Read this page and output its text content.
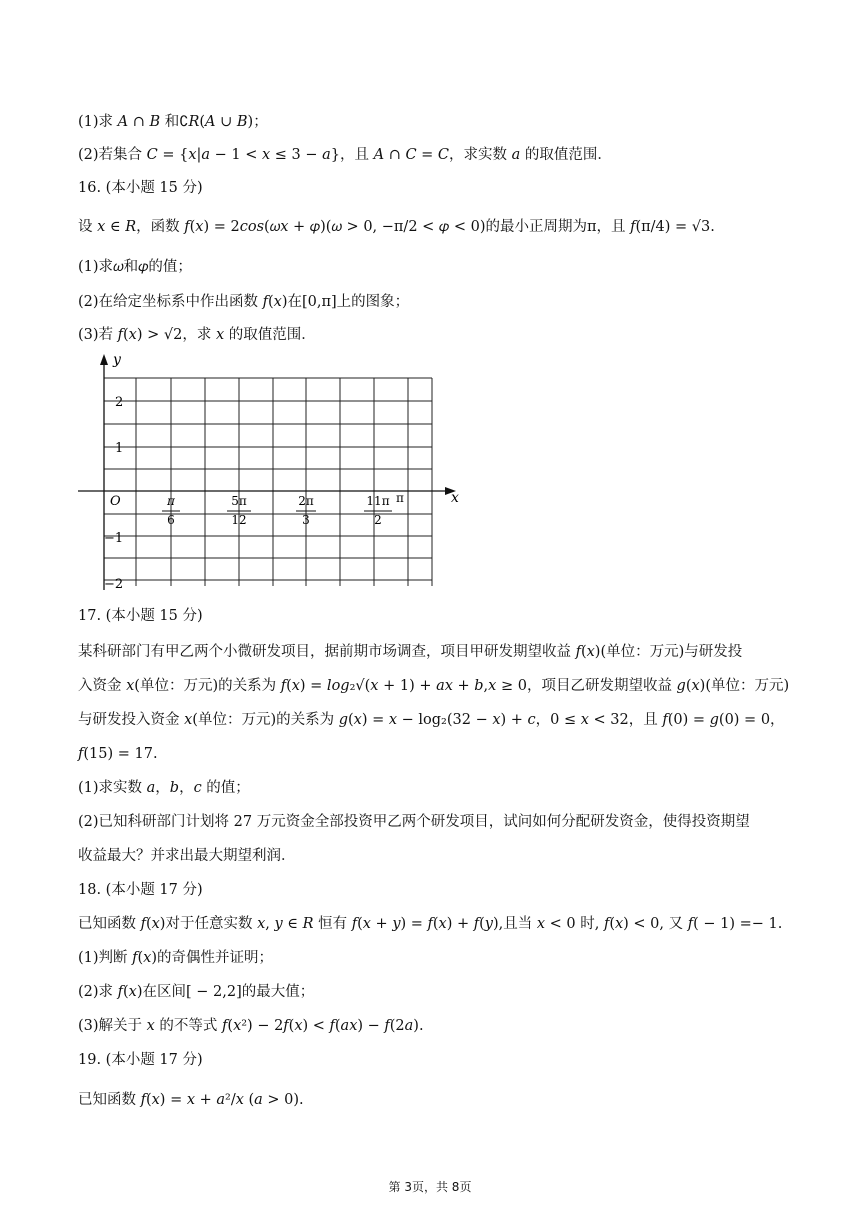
(1)求 𝐴 ∩ 𝐵 和∁𝑅(𝐴 ∪ 𝐵)；
(2)若集合 𝐶 = {𝑥|𝑎 − 1 < 𝑥 ≤ 3 − 𝑎}，且 𝐴 ∩ 𝐶 = 𝐶，求实数 𝑎 的取值范围．
16. (本小题 15 分)
设 𝑥 ∈ 𝑅，函数 𝑓(𝑥) = 2𝑐𝑜𝑠(𝜔𝑥 + 𝜑)(𝜔 > 0, −π/2 < 𝜑 < 0)的最小正周期为π，且 𝑓(π/4) = √3.
(1)求𝜔和𝜑的值；
(2)在给定坐标系中作出函数 𝑓(𝑥)在[0,π]上的图象；
(3)若 𝑓(𝑥) > √2，求 𝑥 的取值范围．
17. (本小题 15 分)
某科研部门有甲乙两个小微研发项目，据前期市场调查，项目甲研发期望收益 𝑓(𝑥)(单位：万元)与研发投
入资金 𝑥(单位：万元)的关系为 𝑓(𝑥) = 𝑙𝑜𝑔₂√(𝑥 + 1) + 𝑎𝑥 + 𝑏,𝑥 ≥ 0，项目乙研发期望收益 𝑔(𝑥)(单位：万元)
与研发投入资金 𝑥(单位：万元)的关系为 𝑔(𝑥) = 𝑥 − log₂(32 − 𝑥) + 𝑐，0 ≤ 𝑥 < 32，且 𝑓(0) = 𝑔(0) = 0，
𝑓(15) = 17.
(1)求实数 𝑎，𝑏，𝑐 的值；
(2)已知科研部门计划将 27 万元资金全部投资甲乙两个研发项目，试问如何分配研发资金，使得投资期望
收益最大？并求出最大期望利润．
18. (本小题 17 分)
已知函数 𝑓(𝑥)对于任意实数 𝑥, 𝑦 ∈ 𝑅 恒有 𝑓(𝑥 + 𝑦) = 𝑓(𝑥) + 𝑓(𝑦),且当 𝑥 < 0 时, 𝑓(𝑥) < 0, 又 𝑓( − 1) =− 1.
(1)判断 𝑓(𝑥)的奇偶性并证明；
(2)求 𝑓(𝑥)在区间[ − 2,2]的最大值；
(3)解关于 𝑥 的不等式 𝑓(𝑥²) − 2𝑓(𝑥) < 𝑓(𝑎𝑥) − 𝑓(2𝑎).
19. (本小题 17 分)
已知函数 𝑓(𝑥) = 𝑥 + 𝑎²/𝑥 (𝑎 > 0).
y
x
O
2
1
−1
−2
π
6
5π
12
2π
3
11π
2
π
第 3页，共 8页
